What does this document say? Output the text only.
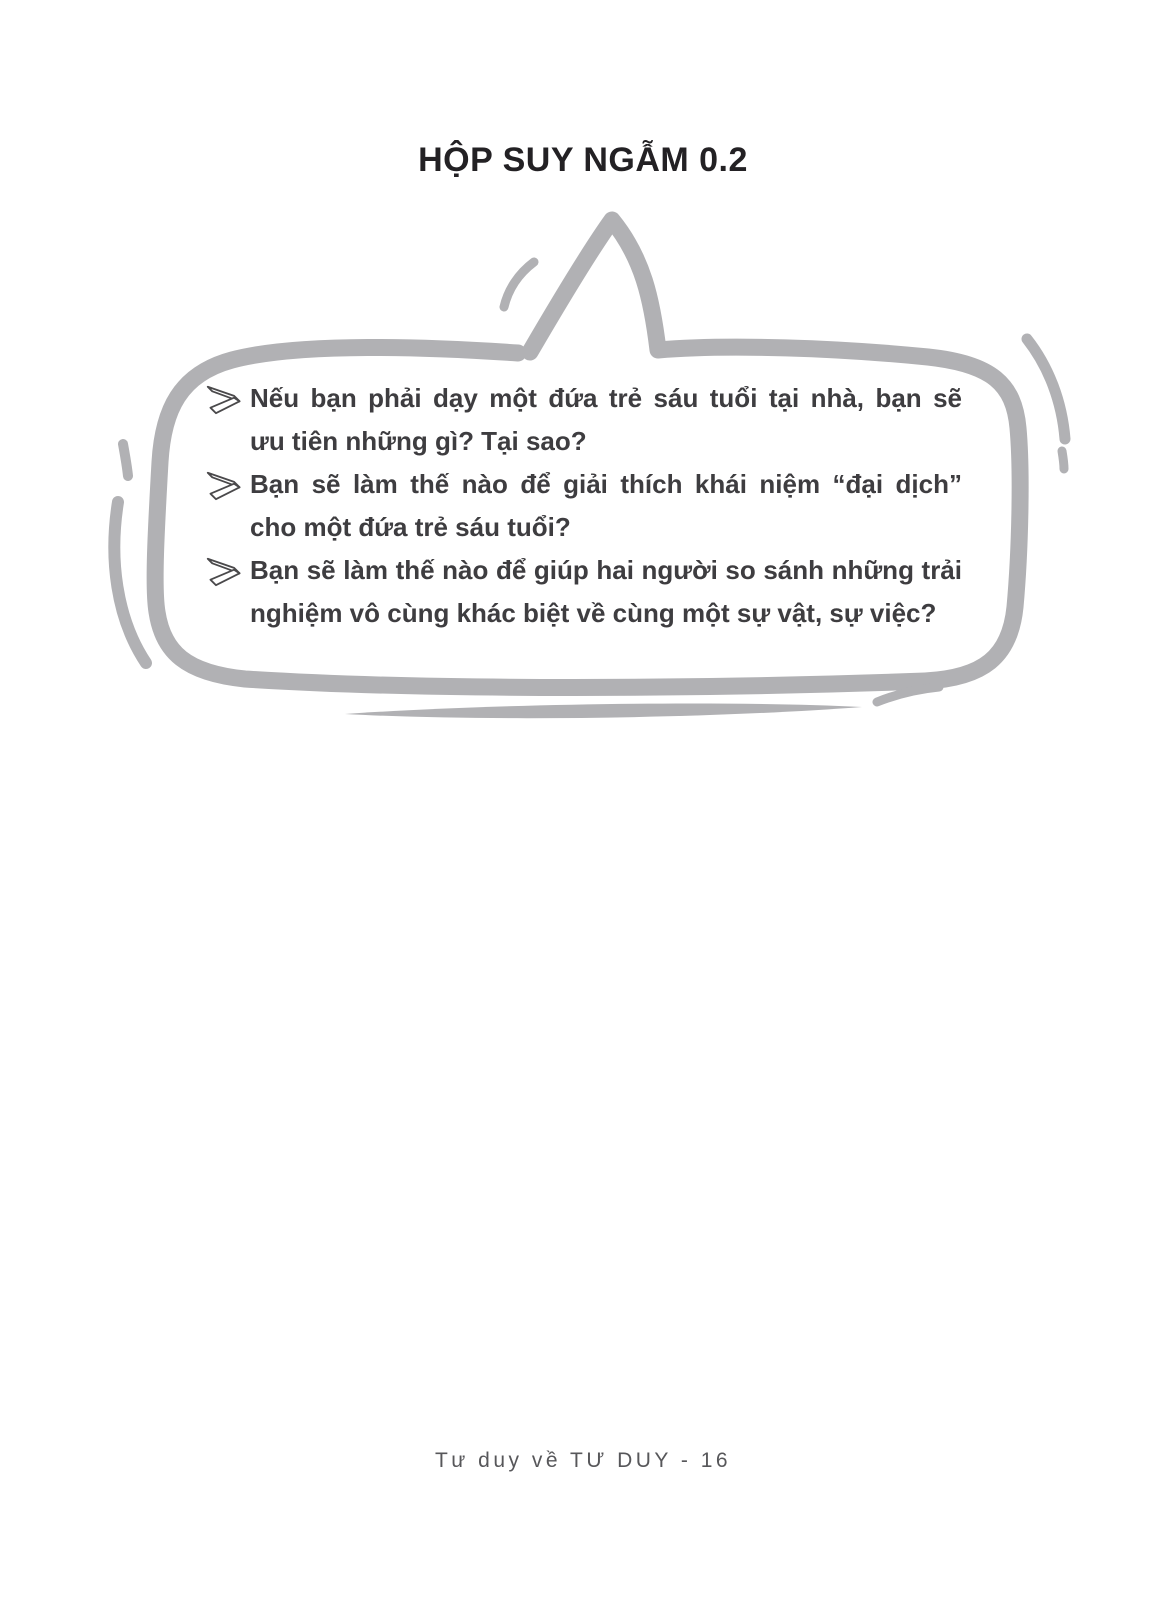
HỘP SUY NGẪM 0.2
Nếu bạn phải dạy một đứa trẻ sáu tuổi tại nhà, bạn sẽ
ưu tiên những gì? Tại sao?
Bạn sẽ làm thế nào để giải thích khái niệm “đại dịch”
cho một đứa trẻ sáu tuổi?
Bạn sẽ làm thế nào để giúp hai người so sánh những trải
nghiệm vô cùng khác biệt về cùng một sự vật, sự việc?
Tư duy về TƯ DUY - 16
